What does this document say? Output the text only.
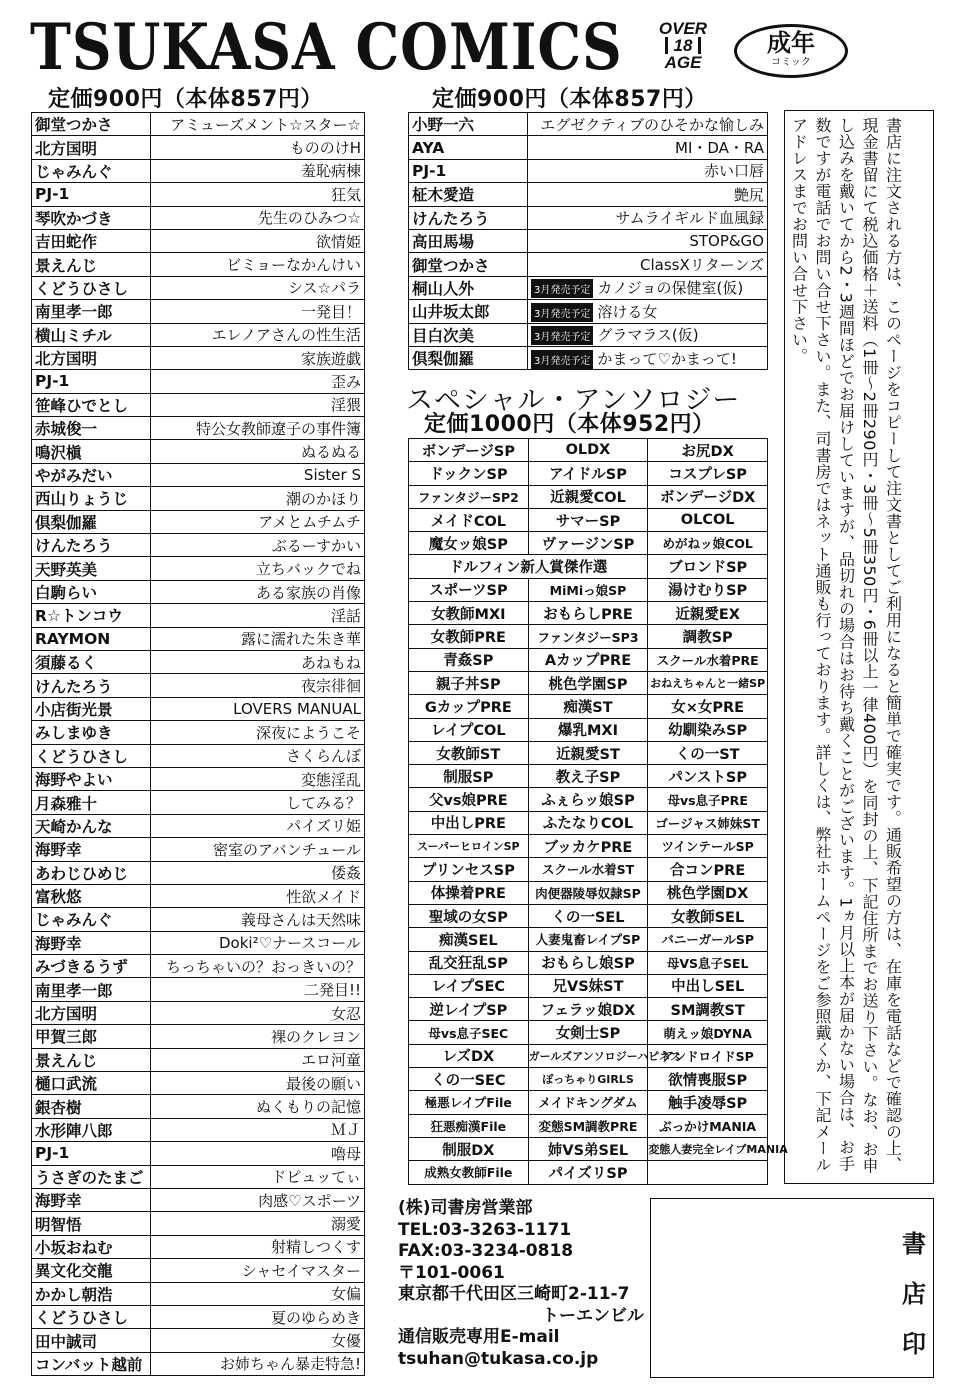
TSUKASA COMICS	OVER
18
AGE
成年
コミック
定価900円（本体857円）	定価900円（本体857円）
御堂つかさ	アミューズメント☆スター☆
北方国明	もののけH
じゃみんぐ	羞恥病棟
PJ-1	狂気
琴吹かづき	先生のひみつ☆
吉田蛇作	欲情姫
景えんじ	ビミョーなかんけい
くどうひさし	シス☆パラ
南里孝一郎	一発目！
横山ミチル	エレノアさんの性生活
北方国明	家族遊戯
PJ-1	歪み
笹峰ひでとし	淫猥
赤城俊一	特公女教師遼子の事件簿
鳴沢槇	ぬるぬる
やがみだい	Sister S
西山りょうじ	潮のかほり
倶梨伽羅	アメとムチムチ
けんたろう	ぶるーすかい
天野英美	立ちバックでね
白駒らい	ある家族の肖像
R☆トンコウ	淫話
RAYMON	露に濡れた朱き華
須藤るく	あねもね
けんたろう	夜宗徘徊
小店街光景	LOVERS MANUAL
みしまゆき	深夜にようこそ
くどうひさし	さくらんぼ
海野やよい	変態淫乱
月森雅十	してみる？
天崎かんな	パイズリ姫
海野幸	密室のアバンチュール
あわじひめじ	倭姦
富秋悠	性欲メイド
じゃみんぐ	義母さんは天然味
海野幸	Doki²♡ナースコール
みづきるうず	ちっちゃいの？おっきいの？
南里孝一郎	二発目!!
北方国明	女忍
甲賀三郎	裸のクレヨン
景えんじ	エロ河童
樋口武流	最後の願い
銀杏樹	ぬくもりの記憶
水形陣八郎	ＭＪ
PJ-1	嚕母
うさぎのたまご	ドピュッてぃ
海野幸	肉感♡スポーツ
明智悟	溺愛
小坂おねむ	射精しつくす
異文化交龍	シャセイマスター
かかし朝浩	女偏
くどうひさし	夏のゆらめき
田中誠司	女優
コンバット越前	お姉ちゃん暴走特急!
小野一六	エグゼクティブのひそかな愉しみ
AYA	MI・DA・RA
PJ-1	赤い口唇
柾木愛造	艶尻
けんたろう	サムライギルド血風録
高田馬場	STOP&GO
御堂つかさ	ClassXリターンズ
桐山人外	3月発売予定 カノジョの保健室(仮)
山井坂太郎	3月発売予定 溶ける女
目白次美	3月発売予定 グラマラス(仮)
倶梨伽羅	3月発売予定 かまって♡かまって!
スペシャル・アンソロジー
定価1000円（本体952円）
ボンデージSP	OLDX	お尻DX
ドックンSP	アイドルSP	コスプレSP
ファンタジーSP2	近親愛COL	ボンデージDX
メイドCOL	サマーSP	OLCOL
魔女ッ娘SP	ヴァージンSP	めがねッ娘COL
ドルフィン新人賞傑作選		ブロンドSP
スポーツSP	MiMiっ娘SP	湯けむりSP
女教師MXI	おもらしPRE	近親愛EX
女教師PRE	ファンタジーSP3	調教SP
青姦SP	AカップPRE	スクール水着PRE
親子丼SP	桃色学園SP	おねえちゃんと一緒SP
GカップPRE	痴漢ST	女×女PRE
レイプCOL	爆乳MXI	幼馴染みSP
女教師ST	近親愛ST	くの一ST
制服SP	教え子SP	パンストSP
父vs娘PRE	ふぇらッ娘SP	母vs息子PRE
中出しPRE	ふたなりCOL	ゴージャス姉妹ST
スーパーヒロインSP	ブッカケPRE	ツインテールSP
プリンセスSP	スクール水着ST	合コンPRE
体操着PRE	肉便器陵辱奴隷SP	桃色学園DX
聖域の女SP	くの一SEL	女教師SEL
痴漢SEL	人妻鬼畜レイプSP	バニーガールSP
乱交狂乱SP	おもらし娘SP	母VS息子SEL
レイプSEC	兄VS妹ST	中出しSEL
逆レイプSP	フェラッ娘DX	SM調教ST
母vs息子SEC	女剣士SP	萌えッ娘DYNA
レズDX	ガールズアンソロジーハピネス	アンドロイドSP
くの一SEC	ぽっちゃりGIRLS	欲情喪服SP
極悪レイプFile	メイドキングダム	触手凌辱SP
狂悪痴漢File	変態SM調教PRE	ぶっかけMANIA
制服DX	姉VS弟SEL	変態人妻完全レイプMANIA
成熟女教師File	パイズリSP	
書店に注文される方は、このページをコピーして注文書としてご利用になると簡単で確実です。通販希望の方は、在庫を電話などで確認の上、現金書留にて税込価格＋送料（1冊～2冊290円・3冊～5冊350円・6冊以上一律400円）を同封の上、下記住所までお送り下さい。なお、お申し込みを戴いてから2・3週間ほどでお届けしていますが、品切れの場合はお待ち戴くことがございます。1ヵ月以上本が届かない場合は、お手数ですが電話でお問い合せ下さい。また、司書房ではネット通販も行っております。詳しくは、弊社ホームページをご参照戴くか、下記メールアドレスまでお問い合せ下さい。
(株)司書房営業部
TEL:03-3263-1171
FAX:03-3234-0818
〒101-0061
東京都千代田区三崎町2-11-7
トーエンビル
通信販売専用E-mail
tsuhan@tukasa.co.jp
書店印
